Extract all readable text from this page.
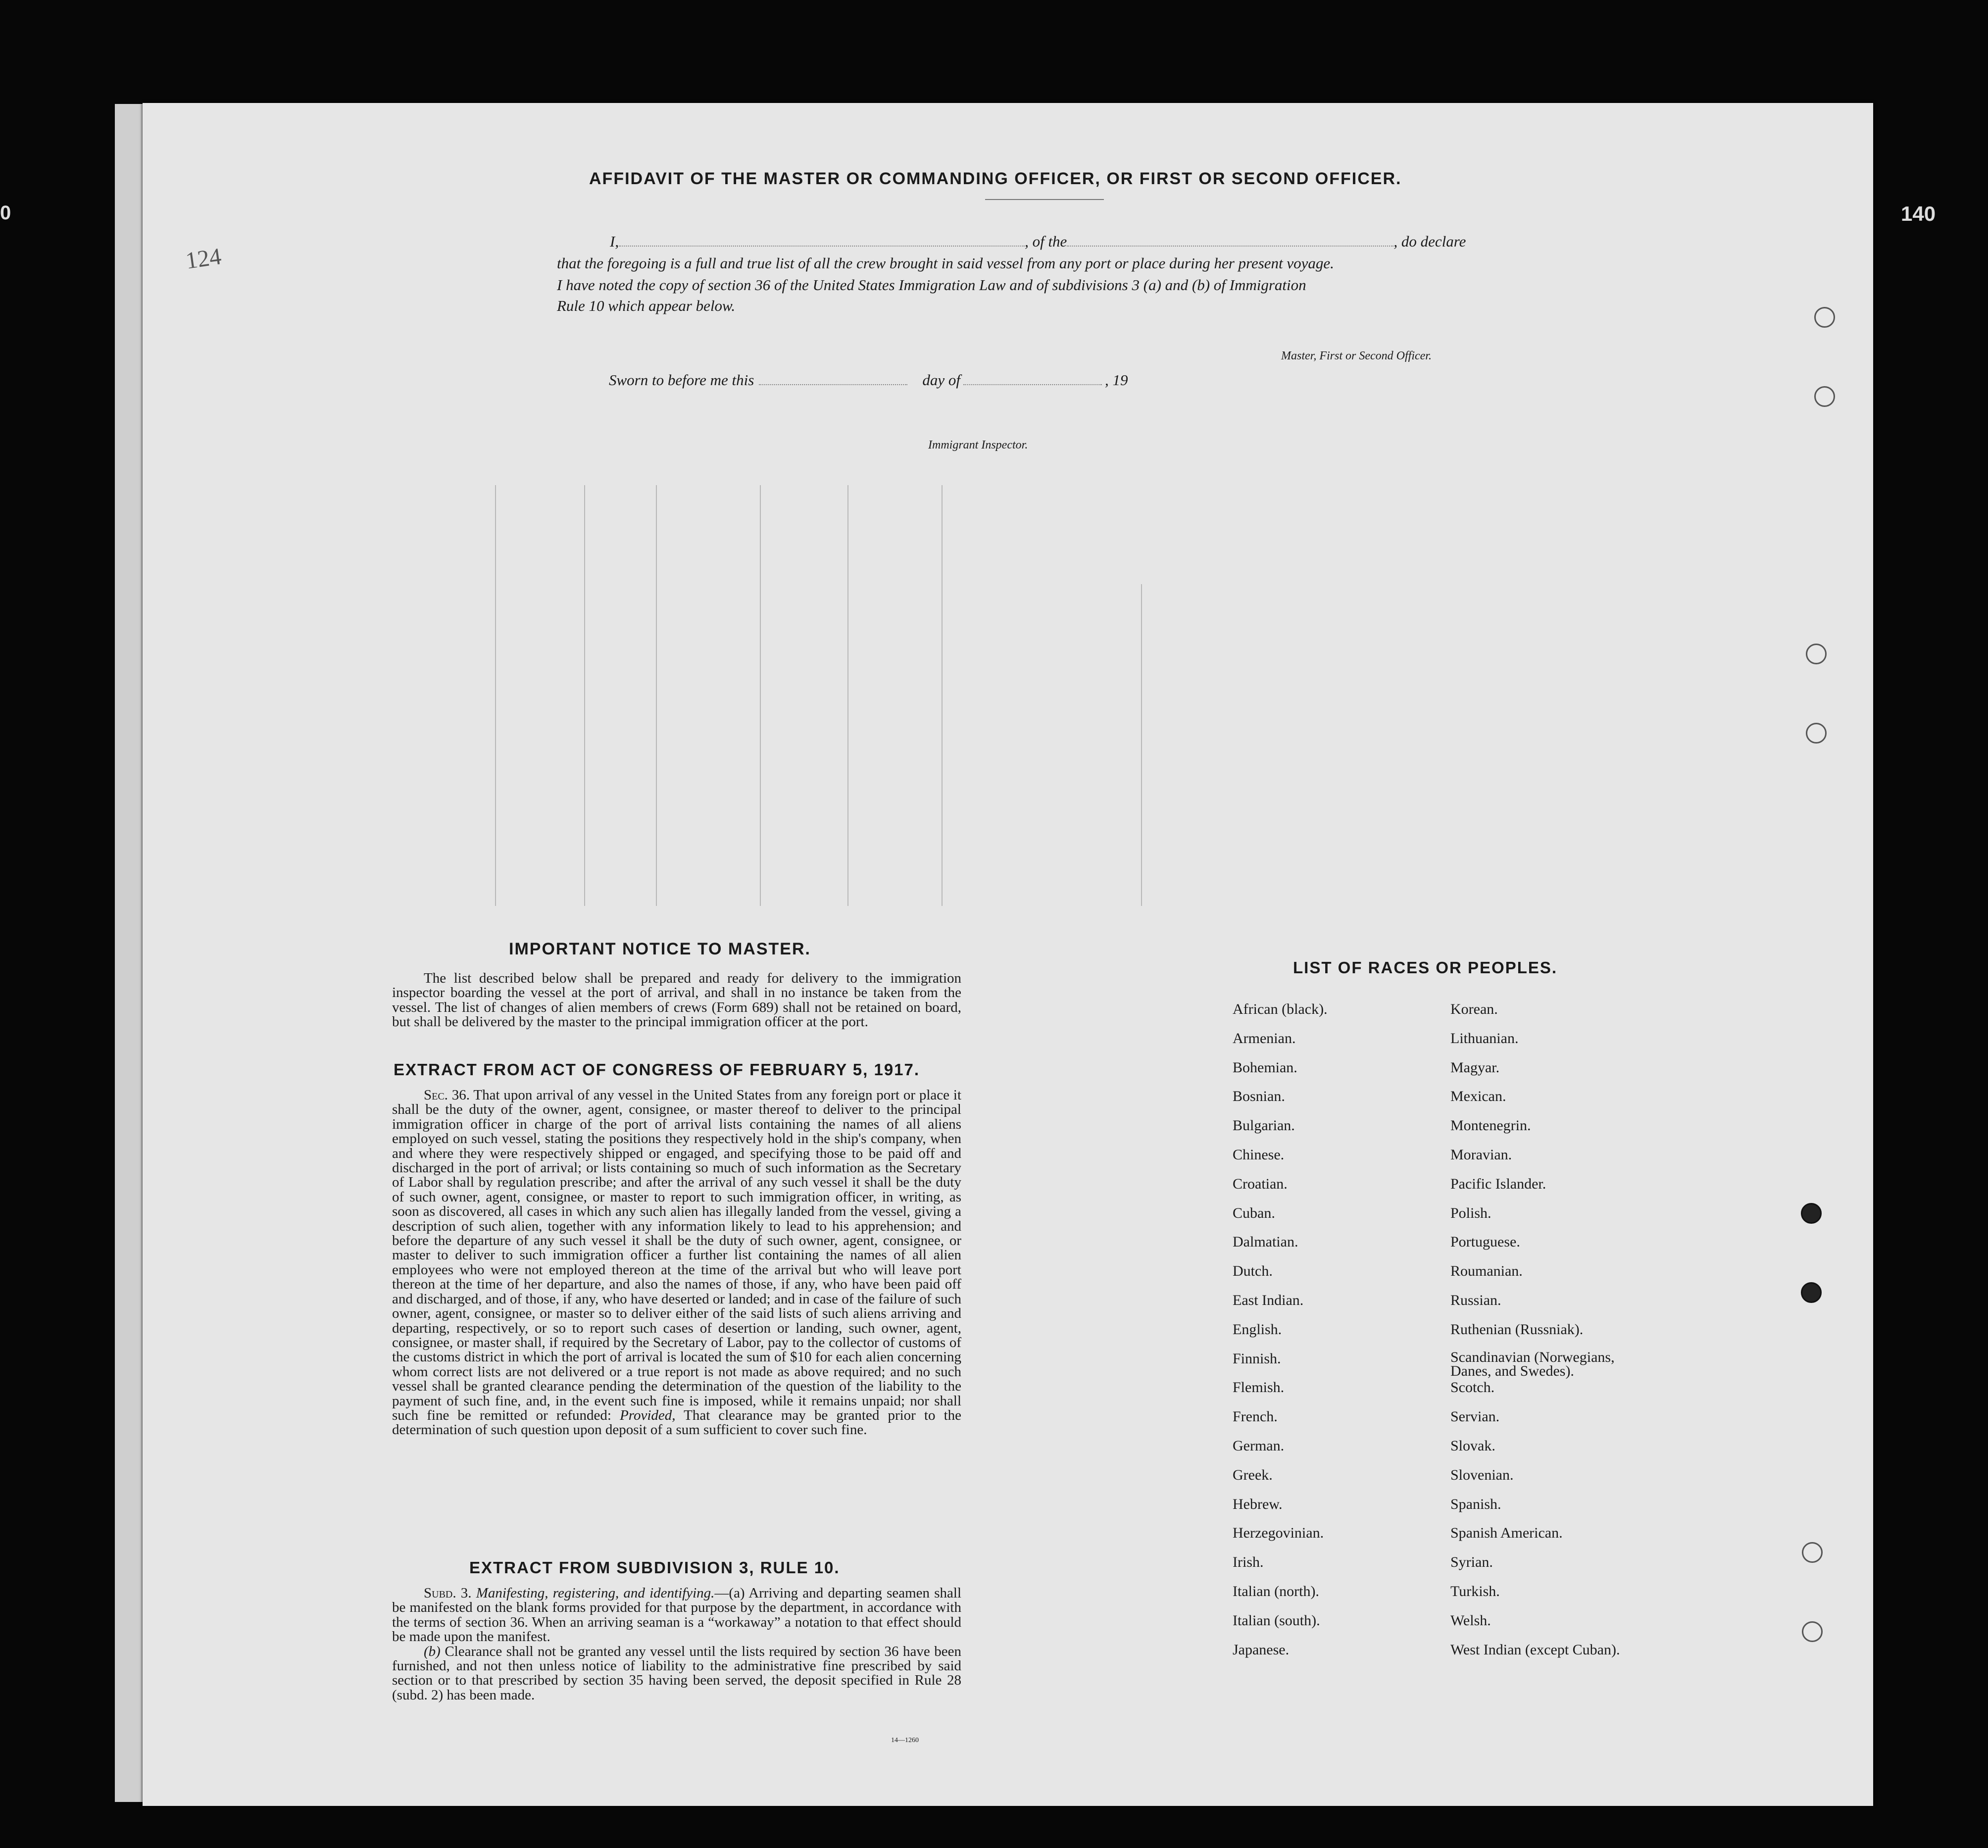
0	140
124
AFFIDAVIT OF THE MASTER OR COMMANDING OFFICER, OR FIRST OR SECOND OFFICER.
I,	, of the	, do declare
that the foregoing is a full and true list of all the crew brought in said vessel from any port or place during her present voyage.
I have noted the copy of section 36 of the United States Immigration Law and of subdivisions 3 (a) and (b) of Immigration
Rule 10 which appear below.
Master, First or Second Officer.
Sworn to before me this	day of	, 19
Immigrant Inspector.
IMPORTANT NOTICE TO MASTER.

The list described below shall be prepared and ready for delivery to the immigration inspector boarding the vessel at the port of arrival, and shall in no instance be taken from the vessel. The list of changes of alien members of crews (Form 689) shall not be retained on board, but shall be delivered by the master to the principal immigration officer at the port.

EXTRACT FROM ACT OF CONGRESS OF FEBRUARY 5, 1917.

Sec. 36. That upon arrival of any vessel in the United States from any foreign port or place it shall be the duty of the owner, agent, consignee, or master thereof to deliver to the principal immigration officer in charge of the port of arrival lists containing the names of all aliens employed on such vessel, stating the positions they respectively hold in the ship's company, when and where they were respectively shipped or engaged, and specifying those to be paid off and discharged in the port of arrival; or lists containing so much of such information as the Secretary of Labor shall by regulation prescribe; and after the arrival of any such vessel it shall be the duty of such owner, agent, consignee, or master to report to such immigration officer, in writing, as soon as discovered, all cases in which any such alien has illegally landed from the vessel, giving a description of such alien, together with any information likely to lead to his apprehension; and before the departure of any such vessel it shall be the duty of such owner, agent, consignee, or master to deliver to such immigration officer a further list containing the names of all alien employees who were not employed thereon at the time of the arrival but who will leave port thereon at the time of her departure, and also the names of those, if any, who have been paid off and discharged, and of those, if any, who have deserted or landed; and in case of the failure of such owner, agent, consignee, or master so to deliver either of the said lists of such aliens arriving and departing, respectively, or so to report such cases of desertion or landing, such owner, agent, consignee, or master shall, if required by the Secretary of Labor, pay to the collector of customs of the customs district in which the port of arrival is located the sum of $10 for each alien concerning whom correct lists are not delivered or a true report is not made as above required; and no such vessel shall be granted clearance pending the determination of the question of the liability to the payment of such fine, and, in the event such fine is imposed, while it remains unpaid; nor shall such fine be remitted or refunded: Provided, That clearance may be granted prior to the determination of such question upon deposit of a sum sufficient to cover such fine.

EXTRACT FROM SUBDIVISION 3, RULE 10.

Subd. 3. Manifesting, registering, and identifying.—(a) Arriving and departing seamen shall be manifested on the blank forms provided for that purpose by the department, in accordance with the terms of section 36. When an arriving seaman is a “workaway” a notation to that effect should be made upon the manifest.

(b) Clearance shall not be granted any vessel until the lists required by section 36 have been furnished, and not then unless notice of liability to the administrative fine prescribed by said section or to that prescribed by section 35 having been served, the deposit specified in Rule 28 (subd. 2) has been made.

14—1260
LIST OF RACES OR PEOPLES.
African (black).
Armenian.
Bohemian.
Bosnian.
Bulgarian.
Chinese.
Croatian.
Cuban.
Dalmatian.
Dutch.
East Indian.
English.
Finnish.
Flemish.
French.
German.
Greek.
Hebrew.
Herzegovinian.
Irish.
Italian (north).
Italian (south).
Japanese.
Korean.
Lithuanian.
Magyar.
Mexican.
Montenegrin.
Moravian.
Pacific Islander.
Polish.
Portuguese.
Roumanian.
Russian.
Ruthenian (Russniak).
Scandinavian (Norwegians, Danes, and Swedes).
Scotch.
Servian.
Slovak.
Slovenian.
Spanish.
Spanish American.
Syrian.
Turkish.
Welsh.
West Indian (except Cuban).
